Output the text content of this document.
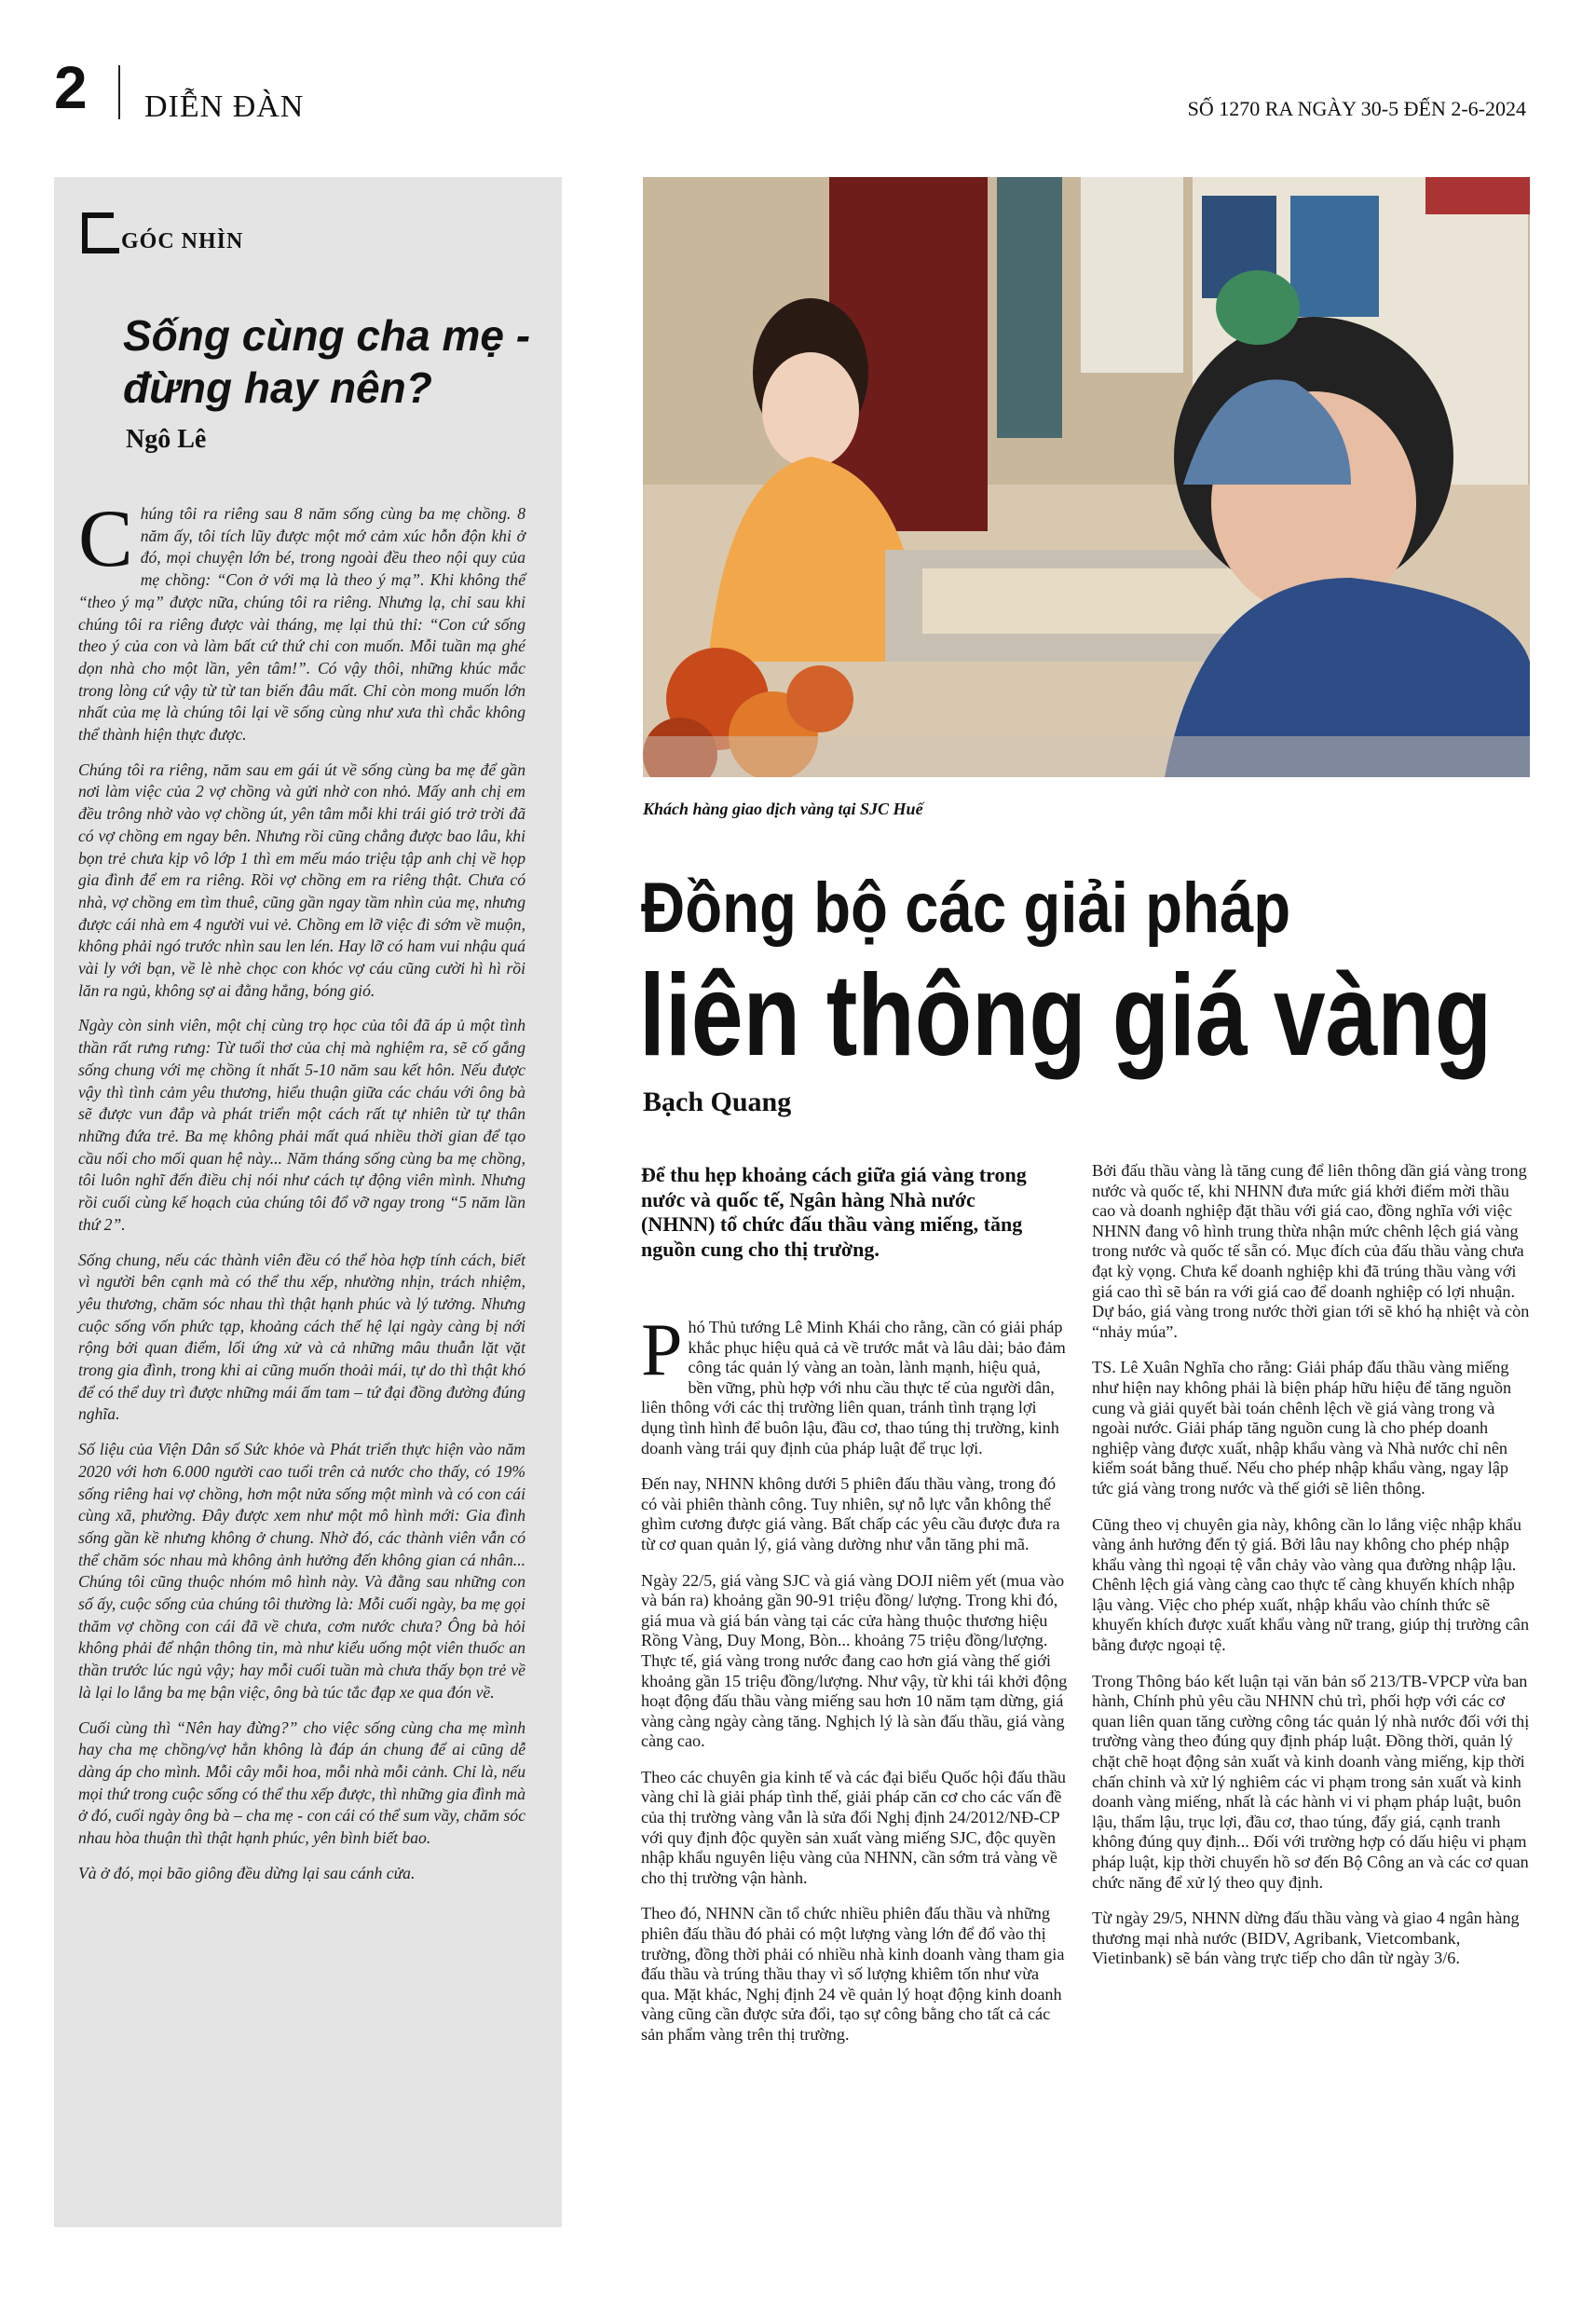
2 DIỄN ĐÀN	SỐ 1270 RA NGÀY 30-5 ĐẾN 2-6-2024
GÓC NHÌN
Sống cùng cha mẹ - đừng hay nên?
Ngô Lê

Chúng tôi ra riêng sau 8 năm sống cùng ba mẹ chồng. 8 năm ấy, tôi tích lũy được một mớ cảm xúc hỗn độn khi ở đó, mọi chuyện lớn bé, trong ngoài đều theo nội quy của mẹ chồng: “Con ở với mạ là theo ý mạ”. Khi không thể “theo ý mạ” được nữa, chúng tôi ra riêng. Nhưng lạ, chỉ sau khi chúng tôi ra riêng được vài tháng, mẹ lại thủ thỉ: “Con cứ sống theo ý của con và làm bất cứ thứ chi con muốn. Mỗi tuần mạ ghé dọn nhà cho một lần, yên tâm!”. Có vậy thôi, những khúc mắc trong lòng cứ vậy từ từ tan biến đâu mất. Chỉ còn mong muốn lớn nhất của mẹ là chúng tôi lại về sống cùng như xưa thì chắc không thể thành hiện thực được.

Chúng tôi ra riêng, năm sau em gái út về sống cùng ba mẹ để gần nơi làm việc của 2 vợ chồng và gửi nhờ con nhỏ. Mấy anh chị em đều trông nhờ vào vợ chồng út, yên tâm mỗi khi trái gió trở trời đã có vợ chồng em ngay bên. Nhưng rồi cũng chẳng được bao lâu, khi bọn trẻ chưa kịp vô lớp 1 thì em mếu máo triệu tập anh chị về họp gia đình để em ra riêng. Rồi vợ chồng em ra riêng thật. Chưa có nhà, vợ chồng em tìm thuê, cũng gần ngay tầm nhìn của mẹ, nhưng được cái nhà em 4 người vui vẻ. Chồng em lỡ việc đi sớm về muộn, không phải ngó trước nhìn sau len lén. Hay lỡ có ham vui nhậu quá vài ly với bạn, về lè nhè chọc con khóc vợ cáu cũng cười hì hì rồi lăn ra ngủ, không sợ ai đằng hắng, bóng gió.

Ngày còn sinh viên, một chị cùng trọ học của tôi đã áp ủ một tình thần rất rưng rưng: Từ tuổi thơ của chị mà nghiệm ra, sẽ cố gắng sống chung với mẹ chồng ít nhất 5-10 năm sau kết hôn. Nếu được vậy thì tình cảm yêu thương, hiểu thuận giữa các cháu với ông bà sẽ được vun đắp và phát triển một cách rất tự nhiên từ tự thân những đứa trẻ. Ba mẹ không phải mất quá nhiều thời gian để tạo cầu nối cho mối quan hệ này... Năm tháng sống cùng ba mẹ chồng, tôi luôn nghĩ đến điều chị nói như cách tự động viên mình. Nhưng rồi cuối cùng kế hoạch của chúng tôi đổ vỡ ngay trong “5 năm lần thứ 2”.

Sống chung, nếu các thành viên đều có thể hòa hợp tính cách, biết vì người bên cạnh mà có thể thu xếp, nhường nhịn, trách nhiệm, yêu thương, chăm sóc nhau thì thật hạnh phúc và lý tưởng. Nhưng cuộc sống vốn phức tạp, khoảng cách thế hệ lại ngày càng bị nới rộng bởi quan điểm, lối ứng xử và cả những mâu thuẫn lặt vặt trong gia đình, trong khi ai cũng muốn thoải mái, tự do thì thật khó để có thể duy trì được những mái ấm tam – tứ đại đồng đường đúng nghĩa.

Số liệu của Viện Dân số Sức khỏe và Phát triển thực hiện vào năm 2020 với hơn 6.000 người cao tuổi trên cả nước cho thấy, có 19% sống riêng hai vợ chồng, hơn một nửa sống một mình và có con cái cùng xã, phường. Đây được xem như một mô hình mới: Gia đình sống gần kề nhưng không ở chung. Nhờ đó, các thành viên vẫn có thể chăm sóc nhau mà không ảnh hưởng đến không gian cá nhân... Chúng tôi cũng thuộc nhóm mô hình này. Và đằng sau những con số ấy, cuộc sống của chúng tôi thường là: Mỗi cuối ngày, ba mẹ gọi thăm vợ chồng con cái đã về chưa, cơm nước chưa? Ông bà hỏi không phải để nhận thông tin, mà như kiểu uống một viên thuốc an thần trước lúc ngủ vậy; hay mỗi cuối tuần mà chưa thấy bọn trẻ về là lại lo lắng ba mẹ bận việc, ông bà túc tắc đạp xe qua đón về.

Cuối cùng thì “Nên hay đừng?” cho việc sống cùng cha mẹ mình hay cha mẹ chồng/vợ hẳn không là đáp án chung để ai cũng dễ dàng áp cho mình. Mỗi cây mỗi hoa, mỗi nhà mỗi cảnh. Chỉ là, nếu mọi thứ trong cuộc sống có thể thu xếp được, thì những gia đình mà ở đó, cuối ngày ông bà – cha mẹ - con cái có thể sum vầy, chăm sóc nhau hòa thuận thì thật hạnh phúc, yên bình biết bao.

Và ở đó, mọi bão giông đều dừng lại sau cánh cửa.

Khách hàng giao dịch vàng tại SJC Huế
Đồng bộ các giải pháp
liên thông giá vàng
Bạch Quang
Để thu hẹp khoảng cách giữa giá vàng trong nước và quốc tế, Ngân hàng Nhà nước (NHNN) tổ chức đấu thầu vàng miếng, tăng nguồn cung cho thị trường.

Phó Thủ tướng Lê Minh Khái cho rằng, cần có giải pháp khắc phục hiệu quả cả về trước mắt và lâu dài; bảo đảm công tác quản lý vàng an toàn, lành mạnh, hiệu quả, bền vững, phù hợp với nhu cầu thực tế của người dân, liên thông với các thị trường liên quan, tránh tình trạng lợi dụng tình hình để buôn lậu, đầu cơ, thao túng thị trường, kinh doanh vàng trái quy định của pháp luật để trục lợi.

Đến nay, NHNN không dưới 5 phiên đấu thầu vàng, trong đó có vài phiên thành công. Tuy nhiên, sự nỗ lực vẫn không thể ghìm cương được giá vàng. Bất chấp các yêu cầu được đưa ra từ cơ quan quản lý, giá vàng dường như vẫn tăng phi mã.

Ngày 22/5, giá vàng SJC và giá vàng DOJI niêm yết (mua vào và bán ra) khoảng gần 90-91 triệu đồng/ lượng. Trong khi đó, giá mua và giá bán vàng tại các cửa hàng thuộc thương hiệu Rồng Vàng, Duy Mong, Bòn... khoảng 75 triệu đồng/lượng. Thực tế, giá vàng trong nước đang cao hơn giá vàng thế giới khoảng gần 15 triệu đồng/lượng. Như vậy, từ khi tái khởi động hoạt động đấu thầu vàng miếng sau hơn 10 năm tạm dừng, giá vàng càng ngày càng tăng. Nghịch lý là sàn đấu thầu, giá vàng càng cao.

Theo các chuyên gia kinh tế và các đại biểu Quốc hội đấu thầu vàng chỉ là giải pháp tình thế, giải pháp căn cơ cho các vấn đề của thị trường vàng vẫn là sửa đổi Nghị định 24/2012/NĐ-CP với quy định độc quyền sản xuất vàng miếng SJC, độc quyền nhập khẩu nguyên liệu vàng của NHNN, cần sớm trả vàng về cho thị trường vận hành.

Theo đó, NHNN cần tổ chức nhiều phiên đấu thầu và những phiên đấu thầu đó phải có một lượng vàng lớn để đổ vào thị trường, đồng thời phải có nhiều nhà kinh doanh vàng tham gia đấu thầu và trúng thầu thay vì số lượng khiêm tốn như vừa qua. Mặt khác, Nghị định 24 về quản lý hoạt động kinh doanh vàng cũng cần được sửa đổi, tạo sự công bằng cho tất cả các sản phẩm vàng trên thị trường.

Bởi đấu thầu vàng là tăng cung để liên thông dần giá vàng trong nước và quốc tế, khi NHNN đưa mức giá khởi điểm mời thầu cao và doanh nghiệp đặt thầu với giá cao, đồng nghĩa với việc NHNN đang vô hình trung thừa nhận mức chênh lệch giá vàng trong nước và quốc tế sẵn có. Mục đích của đấu thầu vàng chưa đạt kỳ vọng. Chưa kể doanh nghiệp khi đã trúng thầu vàng với giá cao thì sẽ bán ra với giá cao để doanh nghiệp có lợi nhuận. Dự báo, giá vàng trong nước thời gian tới sẽ khó hạ nhiệt và còn “nhảy múa”.

TS. Lê Xuân Nghĩa cho rằng: Giải pháp đấu thầu vàng miếng như hiện nay không phải là biện pháp hữu hiệu để tăng nguồn cung và giải quyết bài toán chênh lệch về giá vàng trong và ngoài nước. Giải pháp tăng nguồn cung là cho phép doanh nghiệp vàng được xuất, nhập khẩu vàng và Nhà nước chỉ nên kiểm soát bằng thuế. Nếu cho phép nhập khẩu vàng, ngay lập tức giá vàng trong nước và thế giới sẽ liên thông.

Cũng theo vị chuyên gia này, không cần lo lắng việc nhập khẩu vàng ảnh hưởng đến tỷ giá. Bởi lâu nay không cho phép nhập khẩu vàng thì ngoại tệ vẫn chảy vào vàng qua đường nhập lậu. Chênh lệch giá vàng càng cao thực tế càng khuyến khích nhập lậu vàng. Việc cho phép xuất, nhập khẩu vào chính thức sẽ khuyến khích được xuất khẩu vàng nữ trang, giúp thị trường cân bằng được ngoại tệ.

Trong Thông báo kết luận tại văn bản số 213/TB-VPCP vừa ban hành, Chính phủ yêu cầu NHNN chủ trì, phối hợp với các cơ quan liên quan tăng cường công tác quản lý nhà nước đối với thị trường vàng theo đúng quy định pháp luật. Đồng thời, quản lý chặt chẽ hoạt động sản xuất và kinh doanh vàng miếng, kịp thời chấn chỉnh và xử lý nghiêm các vi phạm trong sản xuất và kinh doanh vàng miếng, nhất là các hành vi vi phạm pháp luật, buôn lậu, thẩm lậu, trục lợi, đầu cơ, thao túng, đẩy giá, cạnh tranh không đúng quy định... Đối với trường hợp có dấu hiệu vi phạm pháp luật, kịp thời chuyển hồ sơ đến Bộ Công an và các cơ quan chức năng để xử lý theo quy định.

Từ ngày 29/5, NHNN dừng đấu thầu vàng và giao 4 ngân hàng thương mại nhà nước (BIDV, Agribank, Vietcombank, Vietinbank) sẽ bán vàng trực tiếp cho dân từ ngày 3/6.
